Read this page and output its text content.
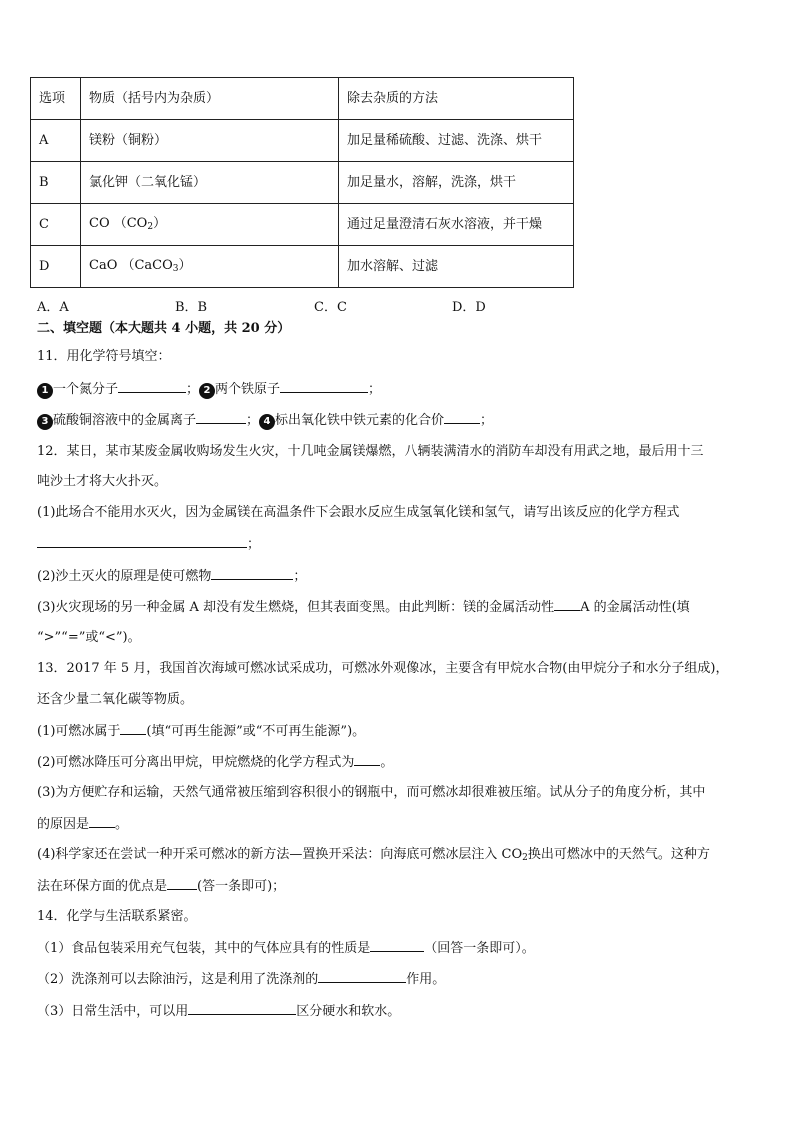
选项	物质（括号内为杂质）	除去杂质的方法
A	镁粉（铜粉）	加足量稀硫酸、过滤、洗涤、烘干
B	氯化钾（二氧化锰）	加足量水，溶解，洗涤，烘干
C	CO $(CO_2)$	通过足量澄清石灰水溶液，并干燥
D	CaO （CaCO$_3$）	加水溶解、过滤
A．A	B．B	C．C	D．D
二、填空题（本大题共 4 小题，共 20 分）
11．用化学符号填空：
1 一个氮分子	； 2 两个铁原子	；
3 硫酸铜溶液中的金属离子	； 4 标出氧化铁中铁元素的化合价	；
12．某日，某市某废金属收购场发生火灾，十几吨金属镁爆燃，八辆装满清水的消防车却没有用武之地，最后用十三
吨沙土才将大火扑灭。
(1)此场合不能用水灭火，因为金属镁在高温条件下会跟水反应生成氢氧化镁和氢气，请写出该反应的化学方程式
；
(2)沙土灭火的原理是使可燃物	；
(3)火灾现场的另一种金属 A 却没有发生燃烧，但其表面变黑。由此判断：镁的金属活动性 A 的金属活动性(填
“>”“=”或“<”)。
13．2017 年 5 月，我国首次海域可燃冰试采成功，可燃冰外观像冰，主要含有甲烷水合物(由甲烷分子和水分子组成)，
还含少量二氧化碳等物质。
(1)可燃冰属于 (填“可再生能源”或“不可再生能源”)。
(2)可燃冰降压可分离出甲烷，甲烷燃烧的化学方程式为 。
(3)为方便贮存和运输，天然气通常被压缩到容积很小的钢瓶中，而可燃冰却很难被压缩。试从分子的角度分析，其中
的原因是 。
(4)科学家还在尝试一种开采可燃冰的新方法—置换开采法：向海底可燃冰层注入 $CO_2$换出可燃冰中的天然气。这种方
法在环保方面的优点是 (答一条即可)；
14．化学与生活联系紧密。
（1）食品包装采用充气包装，其中的气体应具有的性质是	（回答一条即可）。
（2）洗涤剂可以去除油污，这是利用了洗涤剂的	作用。
（3）日常生活中，可以用	区分硬水和软水。
